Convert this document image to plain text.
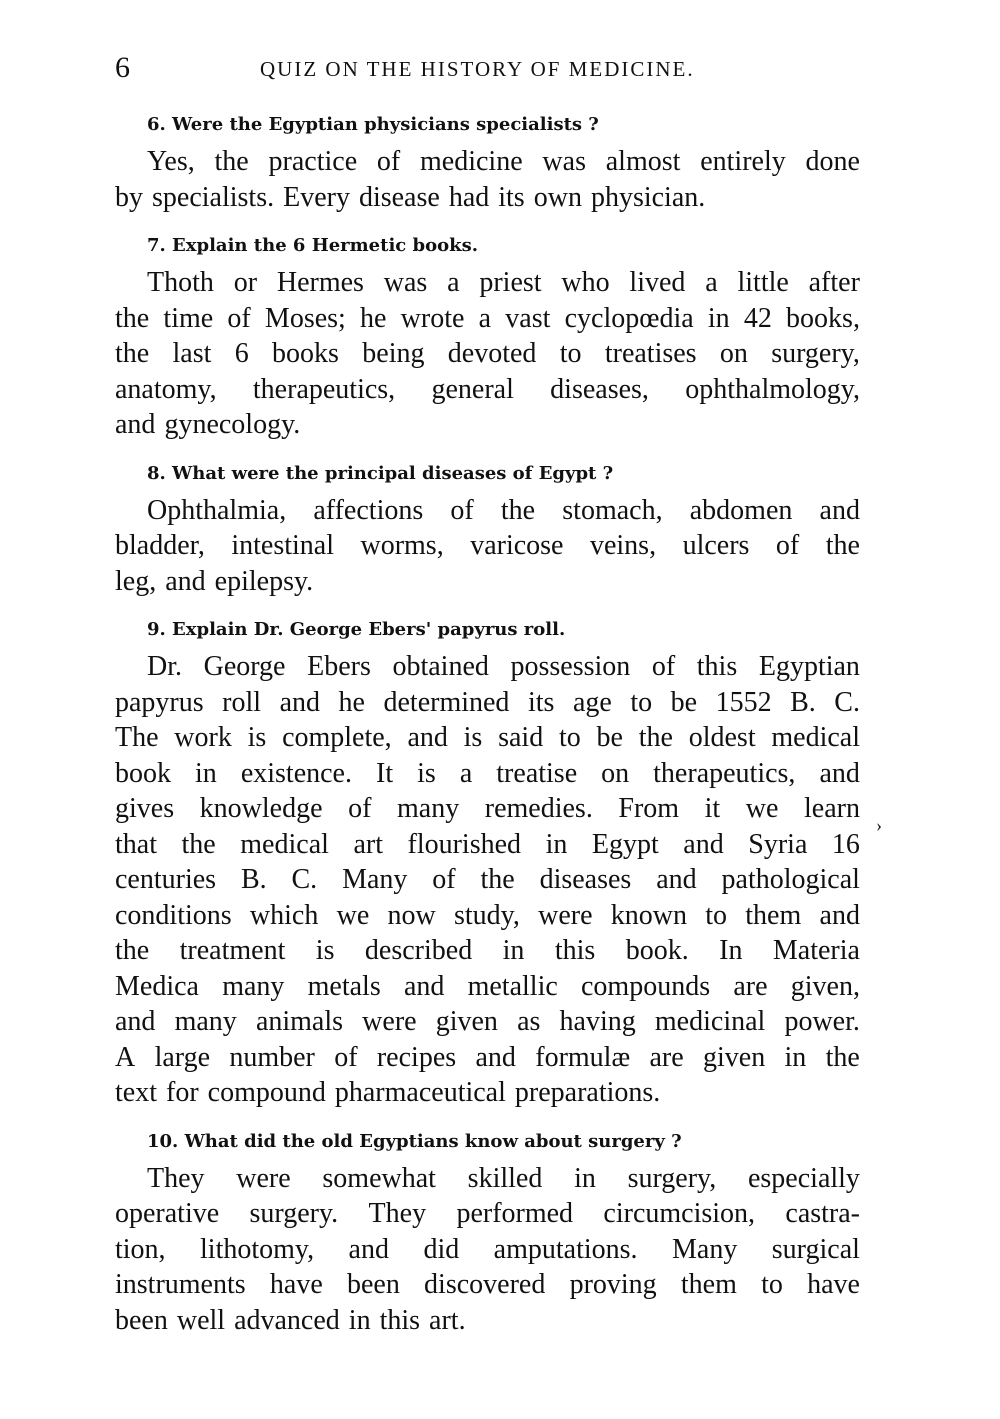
6	QUIZ ON THE HISTORY OF MEDICINE.
6. Were the Egyptian physicians specialists ?
Yes, the practice of medicine was almost entirely done
by specialists. Every disease had its own physician.
7. Explain the 6 Hermetic books.
Thoth or Hermes was a priest who lived a little after
the time of Moses; he wrote a vast cyclopœdia in 42 books,
the last 6 books being devoted to treatises on surgery,
anatomy, therapeutics, general diseases, ophthalmology,
and gynecology.
8. What were the principal diseases of Egypt ?
Ophthalmia, affections of the stomach, abdomen and
bladder, intestinal worms, varicose veins, ulcers of the
leg, and epilepsy.
9. Explain Dr. George Ebers' papyrus roll.
Dr. George Ebers obtained possession of this Egyptian
papyrus roll and he determined its age to be 1552 B. C.
The work is complete, and is said to be the oldest medical
book in existence. It is a treatise on therapeutics, and
gives knowledge of many remedies. From it we learn
that the medical art flourished in Egypt and Syria 16
centuries B. C. Many of the diseases and pathological
conditions which we now study, were known to them and
the treatment is described in this book. In Materia
Medica many metals and metallic compounds are given,
and many animals were given as having medicinal power.
A large number of recipes and formulæ are given in the
text for compound pharmaceutical preparations.
10. What did the old Egyptians know about surgery ?
They were somewhat skilled in surgery, especially
operative surgery. They performed circumcision, castra-
tion, lithotomy, and did amputations. Many surgical
instruments have been discovered proving them to have
been well advanced in this art.
›
